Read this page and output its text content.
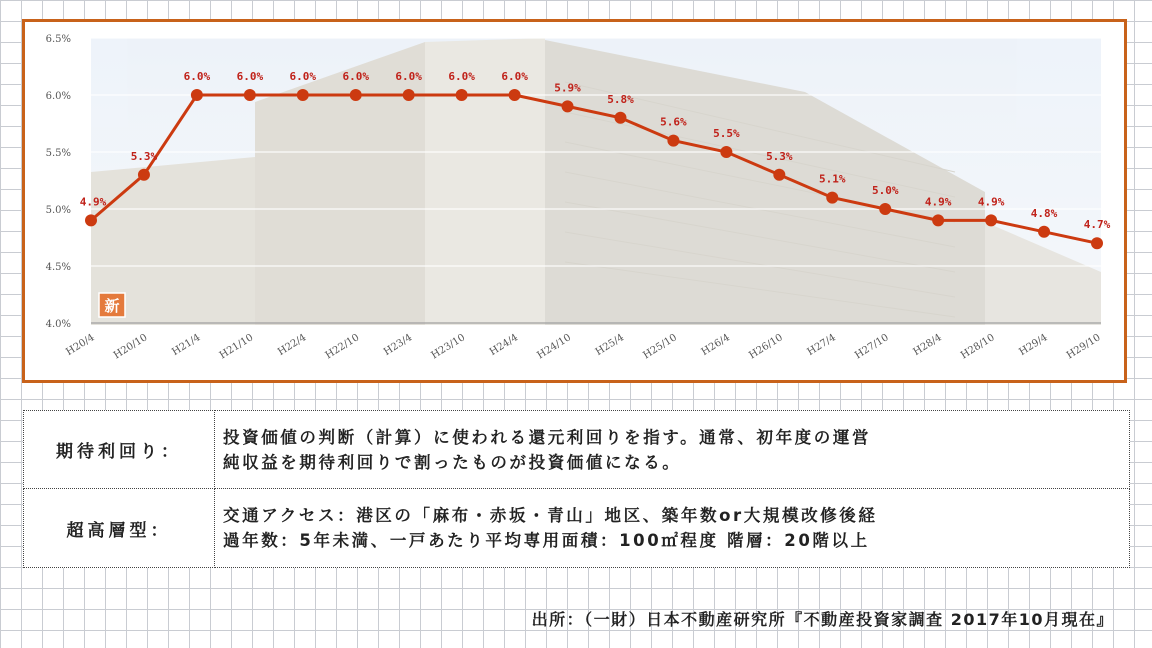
新
4.0%
4.5%
5.0%
5.5%
6.0%
6.5%
H20/4 H20/10 H21/4 H21/10 H22/4 H22/10 H23/4 H23/10 H24/4 H24/10 H25/4 H25/10 H26/4 H26/10 H27/4 H27/10 H28/4 H28/10 H29/4 H29/10
4.9%
5.3%
6.0% 6.0% 6.0% 6.0% 6.0% 6.0% 6.0%
5.9%
5.8%
5.6%
5.5%
5.3%
5.1%
5.0%
4.9% 4.9%
4.8%
4.7%
期待利回り：	投資価値の判断（計算）に使われる還元利回りを指す。通常、初年度の運営
純収益を期待利回りで割ったものが投資価値になる。

超高層型：	交通アクセス：港区の「麻布・赤坂・青山」地区、築年数or大規模改修後経
過年数：5年未満、一戸あたり平均専用面積：100㎡程度 階層：20階以上
出所：（一財）日本不動産研究所『不動産投資家調査 2017年10月現在』
